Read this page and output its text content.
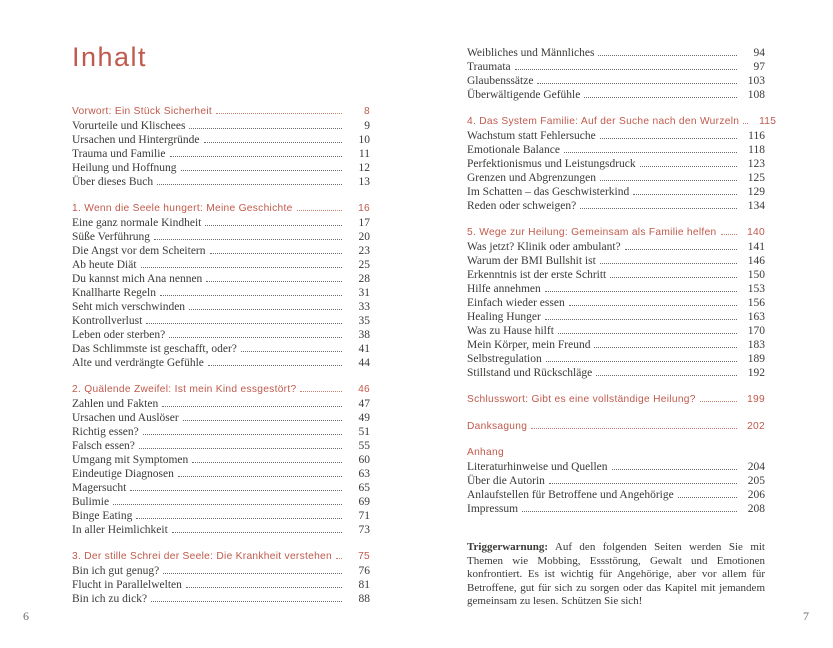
Inhalt
Vorwort: Ein Stück Sicherheit	8
Vorurteile und Klischees	9
Ursachen und Hintergründe	10
Trauma und Familie	11
Heilung und Hoffnung	12
Über dieses Buch	13
1. Wenn die Seele hungert: Meine Geschichte	16
Eine ganz normale Kindheit	17
Süße Verführung	20
Die Angst vor dem Scheitern	23
Ab heute Diät	25
Du kannst mich Ana nennen	28
Knallharte Regeln	31
Seht mich verschwinden	33
Kontrollverlust	35
Leben oder sterben?	38
Das Schlimmste ist geschafft, oder?	41
Alte und verdrängte Gefühle	44
2. Quälende Zweifel: Ist mein Kind essgestört?	46
Zahlen und Fakten	47
Ursachen und Auslöser	49
Richtig essen?	51
Falsch essen?	55
Umgang mit Symptomen	60
Eindeutige Diagnosen	63
Magersucht	65
Bulimie	69
Binge Eating	71
In aller Heimlichkeit	73
3. Der stille Schrei der Seele: Die Krankheit verstehen	75
Bin ich gut genug?	76
Flucht in Parallelwelten	81
Bin ich zu dick?	88
Weibliches und Männliches	94
Traumata	97
Glaubenssätze	103
Überwältigende Gefühle	108
4. Das System Familie: Auf der Suche nach den Wurzeln	115
Wachstum statt Fehlersuche	116
Emotionale Balance	118
Perfektionismus und Leistungsdruck	123
Grenzen und Abgrenzungen	125
Im Schatten – das Geschwisterkind	129
Reden oder schweigen?	134
5. Wege zur Heilung: Gemeinsam als Familie helfen	140
Was jetzt? Klinik oder ambulant?	141
Warum der BMI Bullshit ist	146
Erkenntnis ist der erste Schritt	150
Hilfe annehmen	153
Einfach wieder essen	156
Healing Hunger	163
Was zu Hause hilft	170
Mein Körper, mein Freund	183
Selbstregulation	189
Stillstand und Rückschläge	192
Schlusswort: Gibt es eine vollständige Heilung?	199
Danksagung	202
Anhang
Literaturhinweise und Quellen	204
Über die Autorin	205
Anlaufstellen für Betroffene und Angehörige	206
Impressum	208
Triggerwarnung: Auf den folgenden Seiten werden Sie mit Themen wie Mobbing, Essstörung, Gewalt und Emotionen konfrontiert. Es ist wichtig für Angehörige, aber vor allem für Betroffene, gut für sich zu sorgen oder das Kapitel mit jemandem gemeinsam zu lesen. Schützen Sie sich!
6	7
